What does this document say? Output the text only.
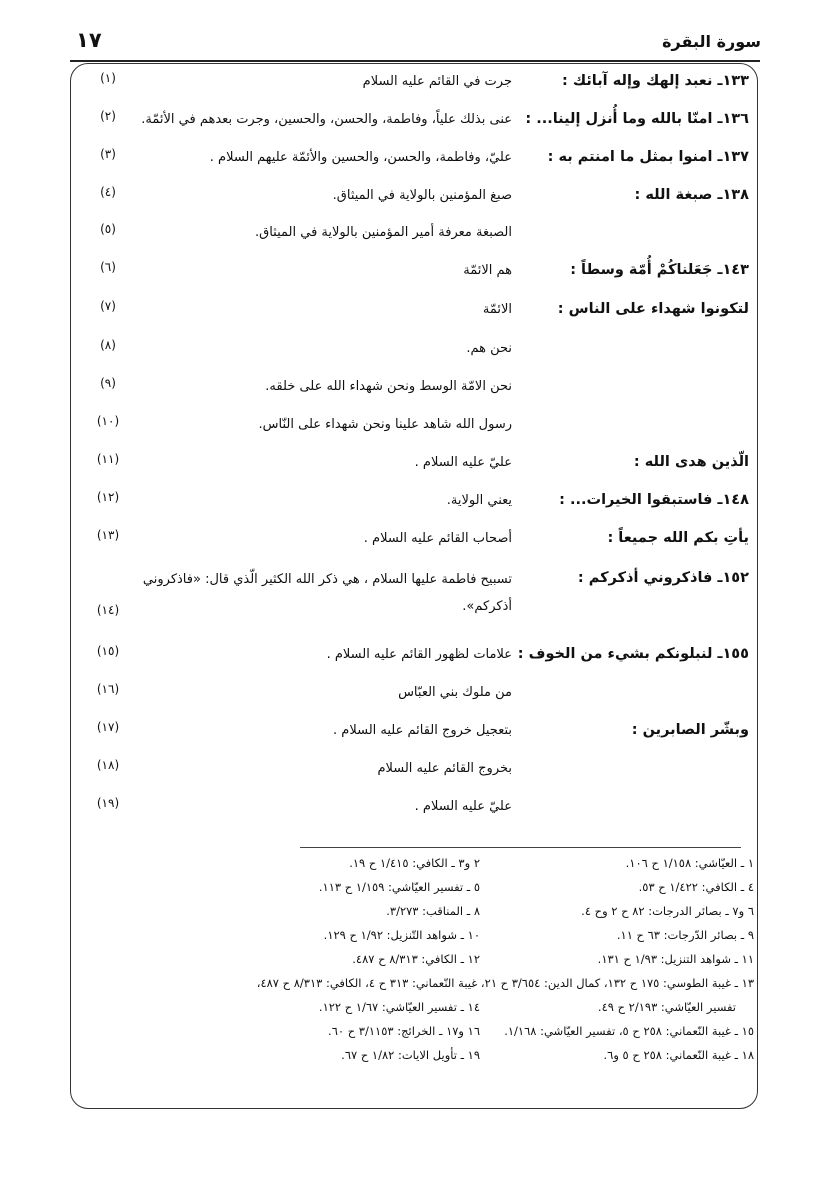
سورة البقرة
١٧
١٣٣ـ نعبد إلهك وإله آبائك :
جرت في القائم عليه السلام
(١)
١٣٦ـ امنّا بالله وما أُنزل إلينا... :
عنى بذلك علياً، وفاطمة، والحسن، والحسين، وجرت بعدهم في الأئمّة.
(٢)
١٣٧ـ امنوا بمثل ما امنتم به :
عليّ، وفاطمة، والحسن، والحسين والأئمّة عليهم السلام .
(٣)
١٣٨ـ صبغة الله :
صبغ المؤمنين بالولاية في الميثاق.
(٤)
الصبغة معرفة أمير المؤمنين بالولاية في الميثاق.
(٥)
١٤٣ـ جَعَلناكُمْ أُمّة وسطاً :
هم الائمّة
(٦)
لتكونوا شهداء على الناس :
الائمّة
(٧)
نحن هم.
(٨)
نحن الامّة الوسط ونحن شهداء الله على خلقه.
(٩)
رسول الله شاهد علينا ونحن شهداء على النّاس.
(١٠)
الّذين هدى الله :
عليّ عليه السلام .
(١١)
١٤٨ـ فاستبقوا الخيرات... :
يعني الولاية.
(١٢)
يأتِ بكم الله جميعاً :
أصحاب القائم عليه السلام .
(١٣)
١٥٢ـ فاذكروني أذكركم :
تسبيح فاطمة عليها السلام ، هي ذكر الله الكثير الّذي قال: «فاذكروني أذكركم».
(١٤)
١٥٥ـ لنبلونكم بشيء من الخوف :
علامات لظهور القائم عليه السلام .
(١٥)
من ملوك بني العبّاس
(١٦)
وبشّر الصابرين :
بتعجيل خروج القائم عليه السلام .
(١٧)
بخروج القائم عليه السلام
(١٨)
عليّ عليه السلام .
(١٩)
١ ـ العيّاشي: ١/١٥٨ ح ١٠٦.
٢ و٣ ـ الكافي: ١/٤١٥ ح ١٩.
٤ ـ الكافي: ١/٤٢٢ ح ٥٣.
٥ ـ تفسير العيّاشي: ١/١٥٩ ح ١١٣.
٦ و٧ ـ بصائر الدرجات: ٨٢ ح ٢ وح ٤.
٨ ـ المناقب: ٣/٢٧٣.
٩ ـ بصائر الدّرجات: ٦٣ ح ١١.
١٠ ـ شواهد التّنزيل: ١/٩٢ ح ١٢٩.
١١ ـ شواهد التنزيل: ١/٩٣ ح ١٣١.
١٢ ـ الكافي: ٨/٣١٣ ح ٤٨٧.
١٣ ـ غيبة الطوسي: ١٧٥ ح ١٣٢، كمال الدين: ٣/٦٥٤ ح ٢١، غيبة النّعماني: ٣١٣ ح ٤، الكافي: ٨/٣١٣ ح ٤٨٧،
تفسير العيّاشي: ٢/١٩٣ ح ٤٩.
١٤ ـ تفسير العيّاشي: ١/٦٧ ح ١٢٢.
١٥ ـ غيبة النّعماني: ٢٥٨ ح ٥، تفسير العيّاشي: ١/١٦٨.
١٦ و١٧ ـ الخرائج: ٣/١١٥٣ ح ٦٠.
١٨ ـ غيبة النّعماني: ٢٥٨ ح ٥ و٦.
١٩ ـ تأويل الايات: ١/٨٢ ح ٦٧.
